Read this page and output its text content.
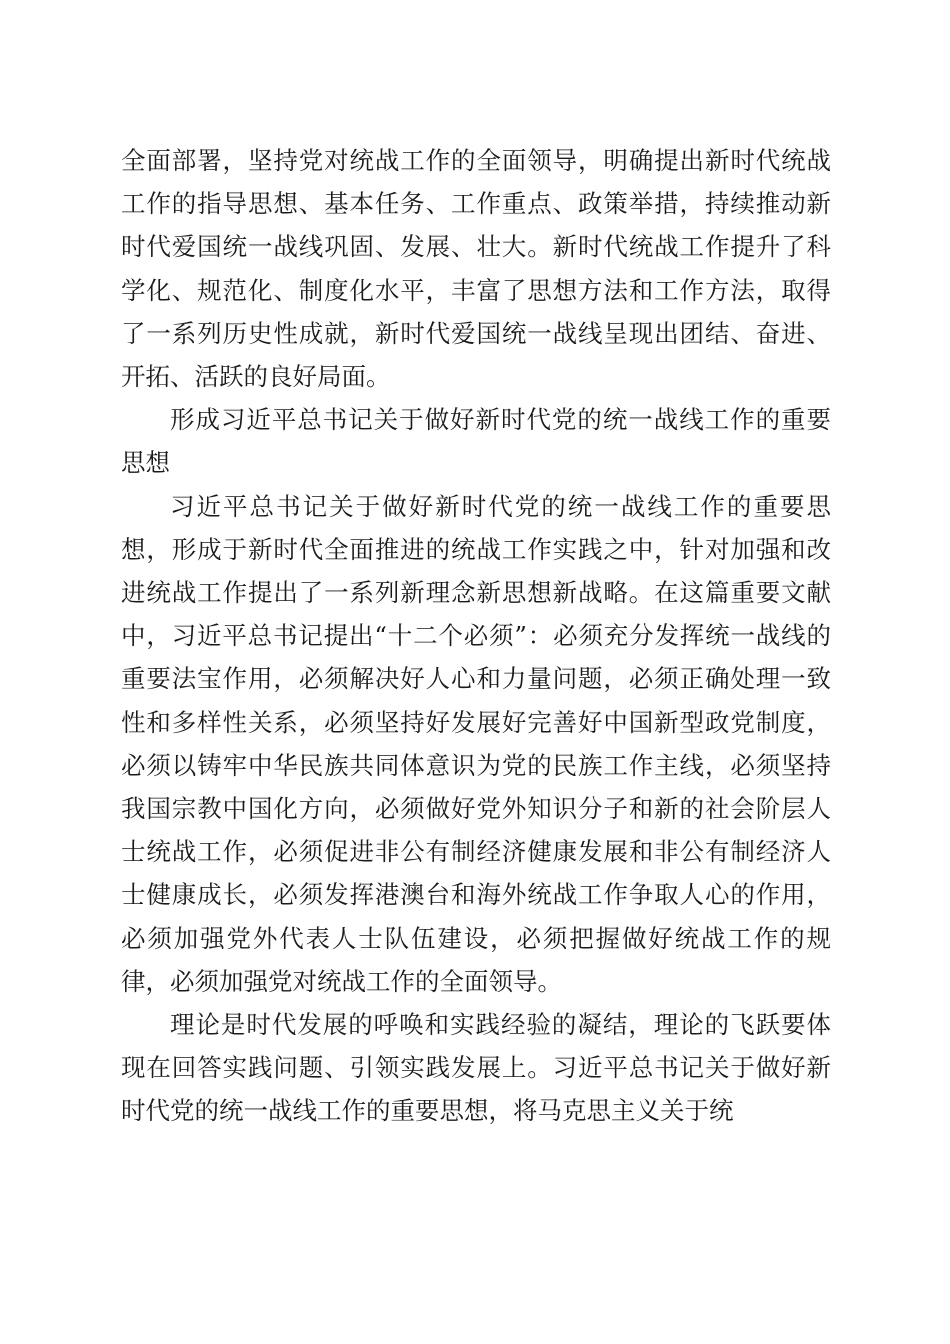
全面部署，坚持党对统战工作的全面领导，明确提出新时代统战工作的指导思想、基本任务、工作重点、政策举措，持续推动新时代爱国统一战线巩固、发展、壮大。新时代统战工作提升了科学化、规范化、制度化水平，丰富了思想方法和工作方法，取得了一系列历史性成就，新时代爱国统一战线呈现出团结、奋进、开拓、活跃的良好局面。

形成习近平总书记关于做好新时代党的统一战线工作的重要思想

习近平总书记关于做好新时代党的统一战线工作的重要思想，形成于新时代全面推进的统战工作实践之中，针对加强和改进统战工作提出了一系列新理念新思想新战略。在这篇重要文献中，习近平总书记提出“十二个必须”：必须充分发挥统一战线的重要法宝作用，必须解决好人心和力量问题，必须正确处理一致性和多样性关系，必须坚持好发展好完善好中国新型政党制度，必须以铸牢中华民族共同体意识为党的民族工作主线，必须坚持我国宗教中国化方向，必须做好党外知识分子和新的社会阶层人士统战工作，必须促进非公有制经济健康发展和非公有制经济人士健康成长，必须发挥港澳台和海外统战工作争取人心的作用，必须加强党外代表人士队伍建设，必须把握做好统战工作的规律，必须加强党对统战工作的全面领导。

理论是时代发展的呼唤和实践经验的凝结，理论的飞跃要体现在回答实践问题、引领实践发展上。习近平总书记关于做好新时代党的统一战线工作的重要思想，将马克思主义关于统
